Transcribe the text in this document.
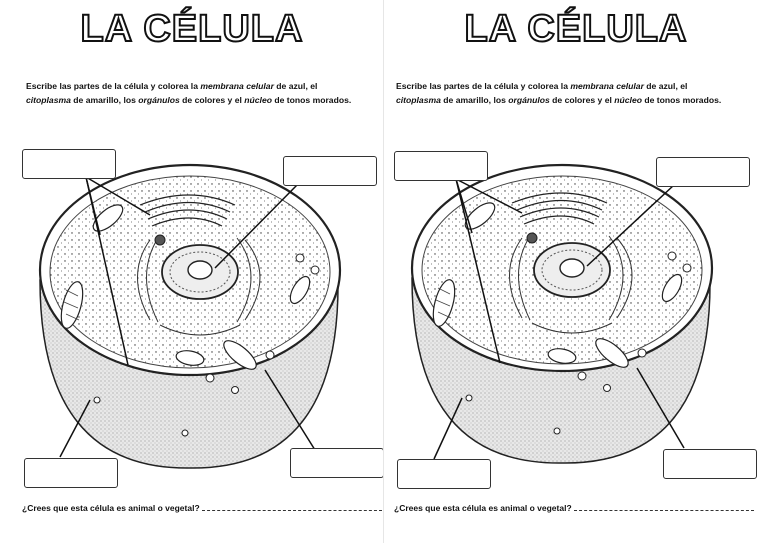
LA CÉLULA
Escribe las partes de la célula y colorea la membrana celular de azul, el citoplasma de amarillo, los orgánulos de colores y el núcleo de tonos morados.
¿Crees que esta célula es animal o vegetal?
LA CÉLULA
Escribe las partes de la célula y colorea la membrana celular de azul, el citoplasma de amarillo, los orgánulos de colores y el núcleo de tonos morados.
¿Crees que esta célula es animal o vegetal?
